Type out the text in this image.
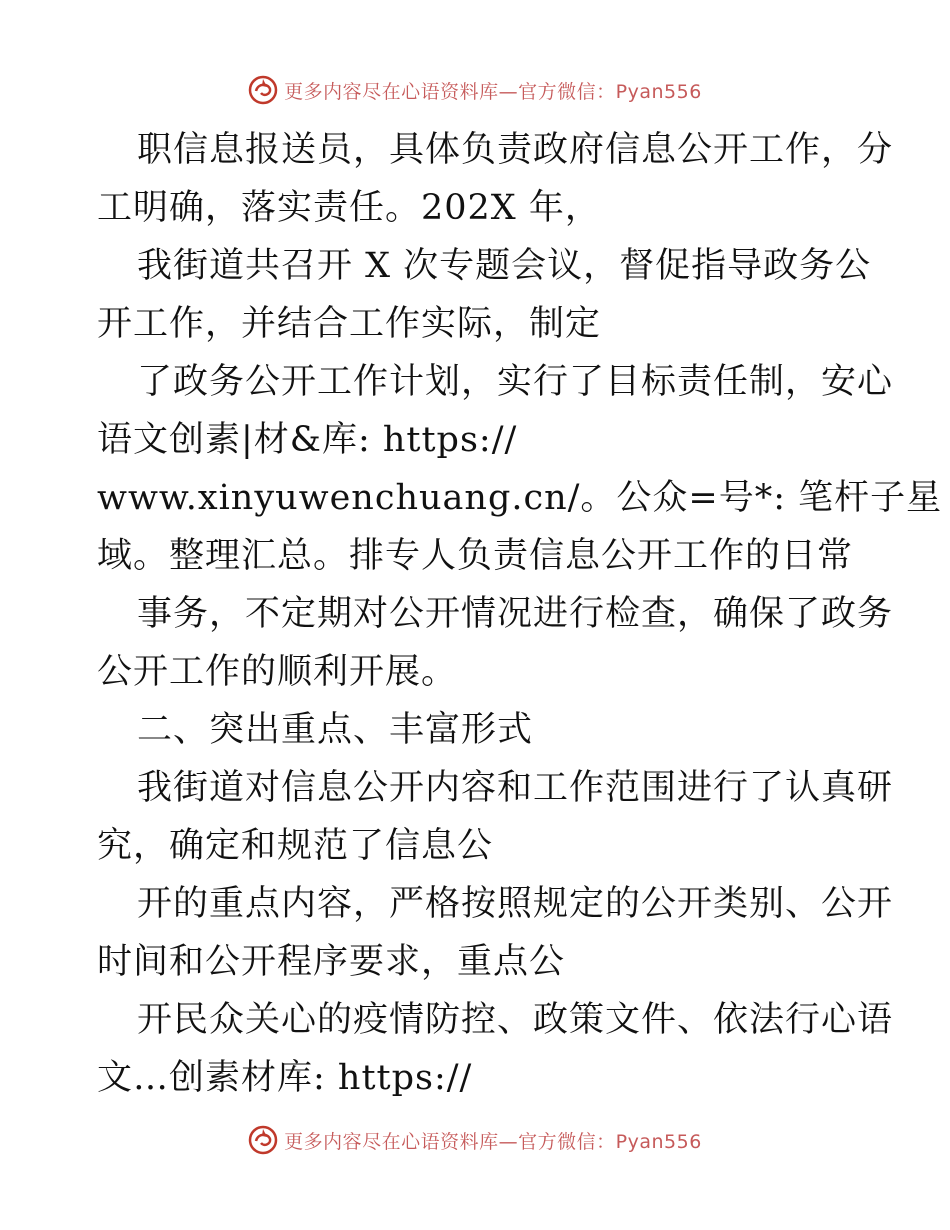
更多内容尽在心语资料库—官方微信：Pyan556
职信息报送员，具体负责政府信息公开工作，分
工明确，落实责任。202X 年，
我街道共召开 X 次专题会议，督促指导政务公
开工作，并结合工作实际，制定
了政务公开工作计划，实行了目标责任制，安心
语文创素|材&库: https://
www.xinyuwenchuang.cn/。公众=号*: 笔杆子星
域。整理汇总。排专人负责信息公开工作的日常
事务，不定期对公开情况进行检查，确保了政务
公开工作的顺利开展。
二、突出重点、丰富形式
我街道对信息公开内容和工作范围进行了认真研
究，确定和规范了信息公
开的重点内容，严格按照规定的公开类别、公开
时间和公开程序要求，重点公
开民众关心的疫情防控、政策文件、依法行心语
文…创素材库: https://
更多内容尽在心语资料库—官方微信：Pyan556
